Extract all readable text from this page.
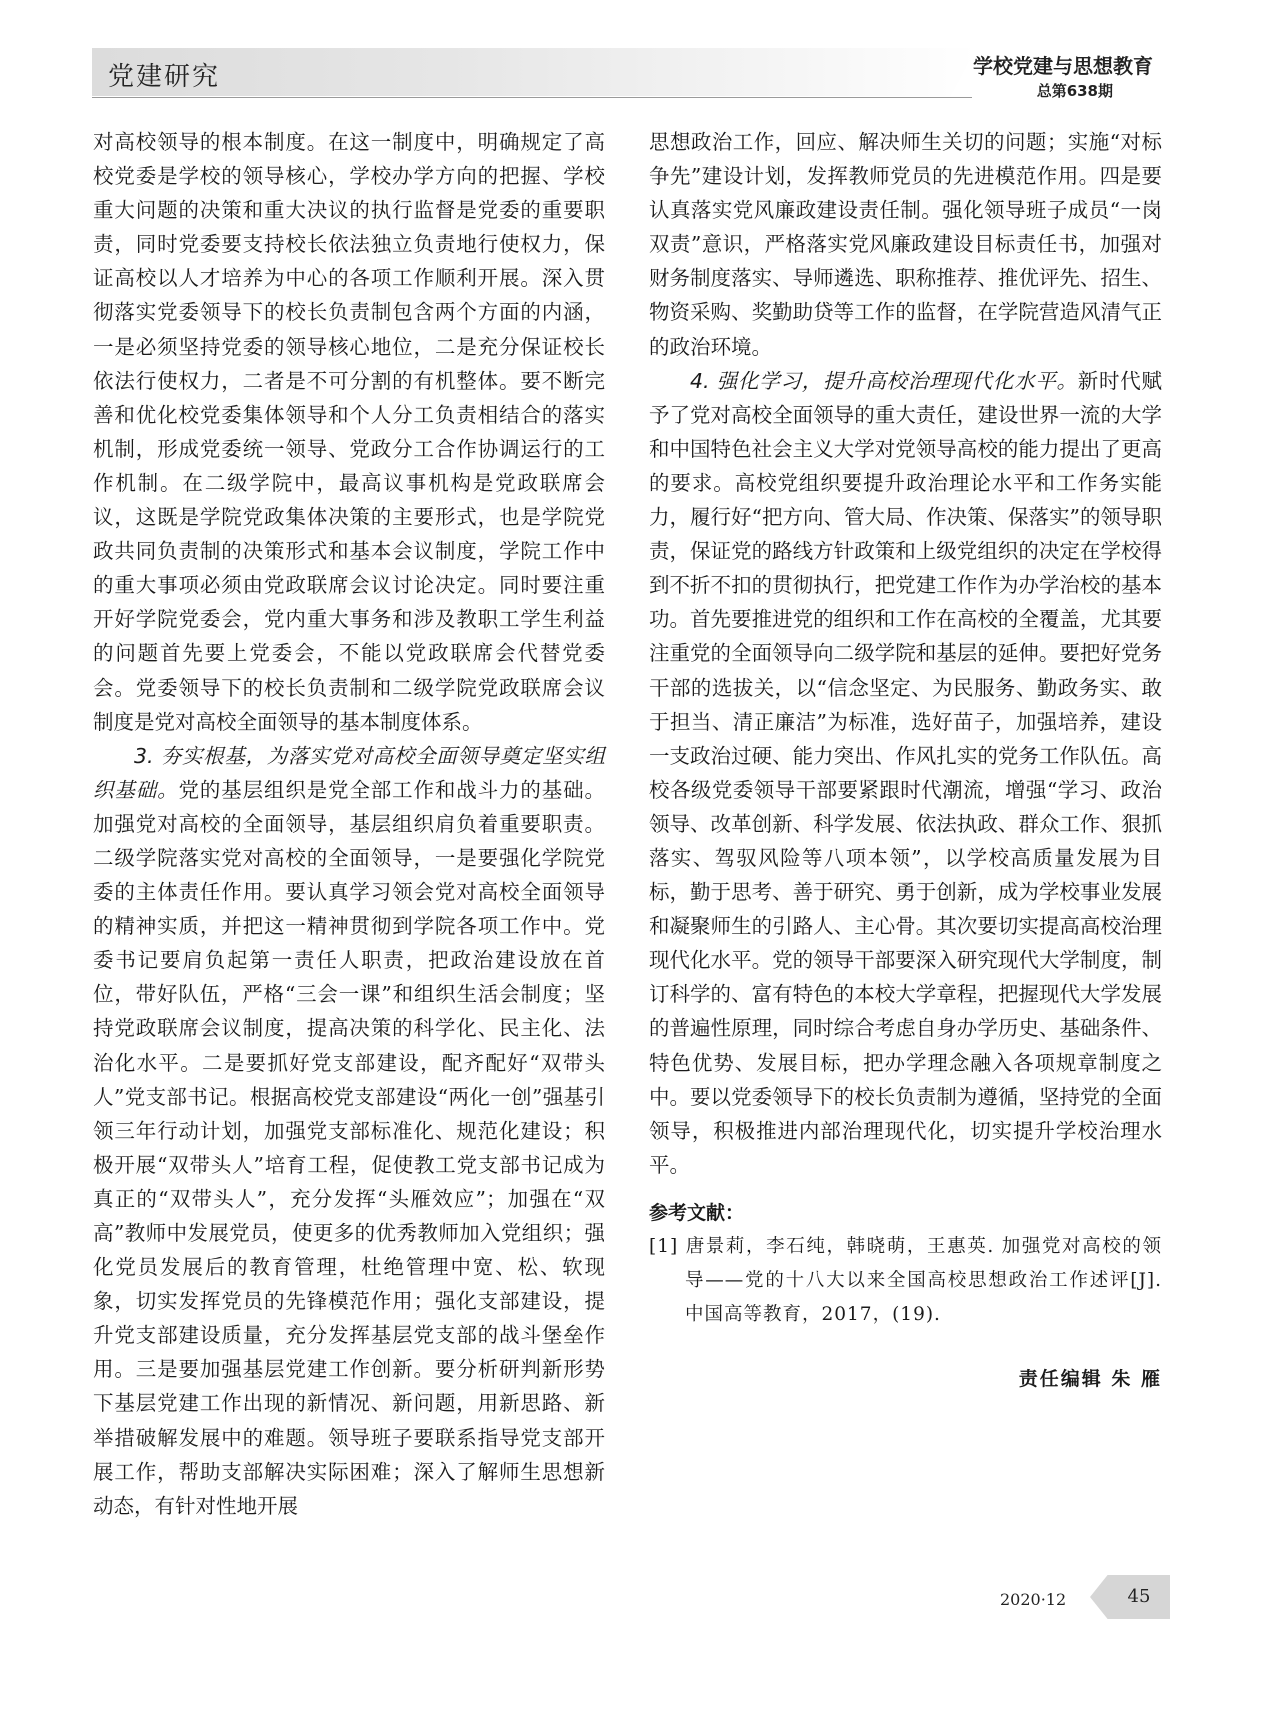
党建研究	学校党建与思想教育
总第638期

对高校领导的根本制度。在这一制度中，明确规定了高校党委是学校的领导核心，学校办学方向的把握、学校重大问题的决策和重大决议的执行监督是党委的重要职责，同时党委要支持校长依法独立负责地行使权力，保证高校以人才培养为中心的各项工作顺利开展。深入贯彻落实党委领导下的校长负责制包含两个方面的内涵，一是必须坚持党委的领导核心地位，二是充分保证校长依法行使权力，二者是不可分割的有机整体。要不断完善和优化校党委集体领导和个人分工负责相结合的落实机制，形成党委统一领导、党政分工合作协调运行的工作机制。在二级学院中，最高议事机构是党政联席会议，这既是学院党政集体决策的主要形式，也是学院党政共同负责制的决策形式和基本会议制度，学院工作中的重大事项必须由党政联席会议讨论决定。同时要注重开好学院党委会，党内重大事务和涉及教职工学生利益的问题首先要上党委会，不能以党政联席会代替党委会。党委领导下的校长负责制和二级学院党政联席会议制度是党对高校全面领导的基本制度体系。

3. 夯实根基，为落实党对高校全面领导奠定坚实组织基础。党的基层组织是党全部工作和战斗力的基础。加强党对高校的全面领导，基层组织肩负着重要职责。二级学院落实党对高校的全面领导，一是要强化学院党委的主体责任作用。要认真学习领会党对高校全面领导的精神实质，并把这一精神贯彻到学院各项工作中。党委书记要肩负起第一责任人职责，把政治建设放在首位，带好队伍，严格“三会一课”和组织生活会制度；坚持党政联席会议制度，提高决策的科学化、民主化、法治化水平。二是要抓好党支部建设，配齐配好“双带头人”党支部书记。根据高校党支部建设“两化一创”强基引领三年行动计划，加强党支部标准化、规范化建设；积极开展“双带头人”培育工程，促使教工党支部书记成为真正的“双带头人”，充分发挥“头雁效应”；加强在“双高”教师中发展党员，使更多的优秀教师加入党组织；强化党员发展后的教育管理，杜绝管理中宽、松、软现象，切实发挥党员的先锋模范作用；强化支部建设，提升党支部建设质量，充分发挥基层党支部的战斗堡垒作用。三是要加强基层党建工作创新。要分析研判新形势下基层党建工作出现的新情况、新问题，用新思路、新举措破解发展中的难题。领导班子要联系指导党支部开展工作，帮助支部解决实际困难；深入了解师生思想新动态，有针对性地开展

思想政治工作，回应、解决师生关切的问题；实施“对标争先”建设计划，发挥教师党员的先进模范作用。四是要认真落实党风廉政建设责任制。强化领导班子成员“一岗双责”意识，严格落实党风廉政建设目标责任书，加强对财务制度落实、导师遴选、职称推荐、推优评先、招生、物资采购、奖勤助贷等工作的监督，在学院营造风清气正的政治环境。

4. 强化学习，提升高校治理现代化水平。新时代赋予了党对高校全面领导的重大责任，建设世界一流的大学和中国特色社会主义大学对党领导高校的能力提出了更高的要求。高校党组织要提升政治理论水平和工作务实能力，履行好“把方向、管大局、作决策、保落实”的领导职责，保证党的路线方针政策和上级党组织的决定在学校得到不折不扣的贯彻执行，把党建工作作为办学治校的基本功。首先要推进党的组织和工作在高校的全覆盖，尤其要注重党的全面领导向二级学院和基层的延伸。要把好党务干部的选拔关，以“信念坚定、为民服务、勤政务实、敢于担当、清正廉洁”为标准，选好苗子，加强培养，建设一支政治过硬、能力突出、作风扎实的党务工作队伍。高校各级党委领导干部要紧跟时代潮流，增强“学习、政治领导、改革创新、科学发展、依法执政、群众工作、狠抓落实、驾驭风险等八项本领”，以学校高质量发展为目标，勤于思考、善于研究、勇于创新，成为学校事业发展和凝聚师生的引路人、主心骨。其次要切实提高高校治理现代化水平。党的领导干部要深入研究现代大学制度，制订科学的、富有特色的本校大学章程，把握现代大学发展的普遍性原理，同时综合考虑自身办学历史、基础条件、特色优势、发展目标，把办学理念融入各项规章制度之中。要以党委领导下的校长负责制为遵循，坚持党的全面领导，积极推进内部治理现代化，切实提升学校治理水平。

参考文献：

[1] 唐景莉，李石纯，韩晓萌，王惠英. 加强党对高校的领导——党的十八大以来全国高校思想政治工作述评[J]. 中国高等教育，2017，(19).

责任编辑 朱 雁

2020·12	45
